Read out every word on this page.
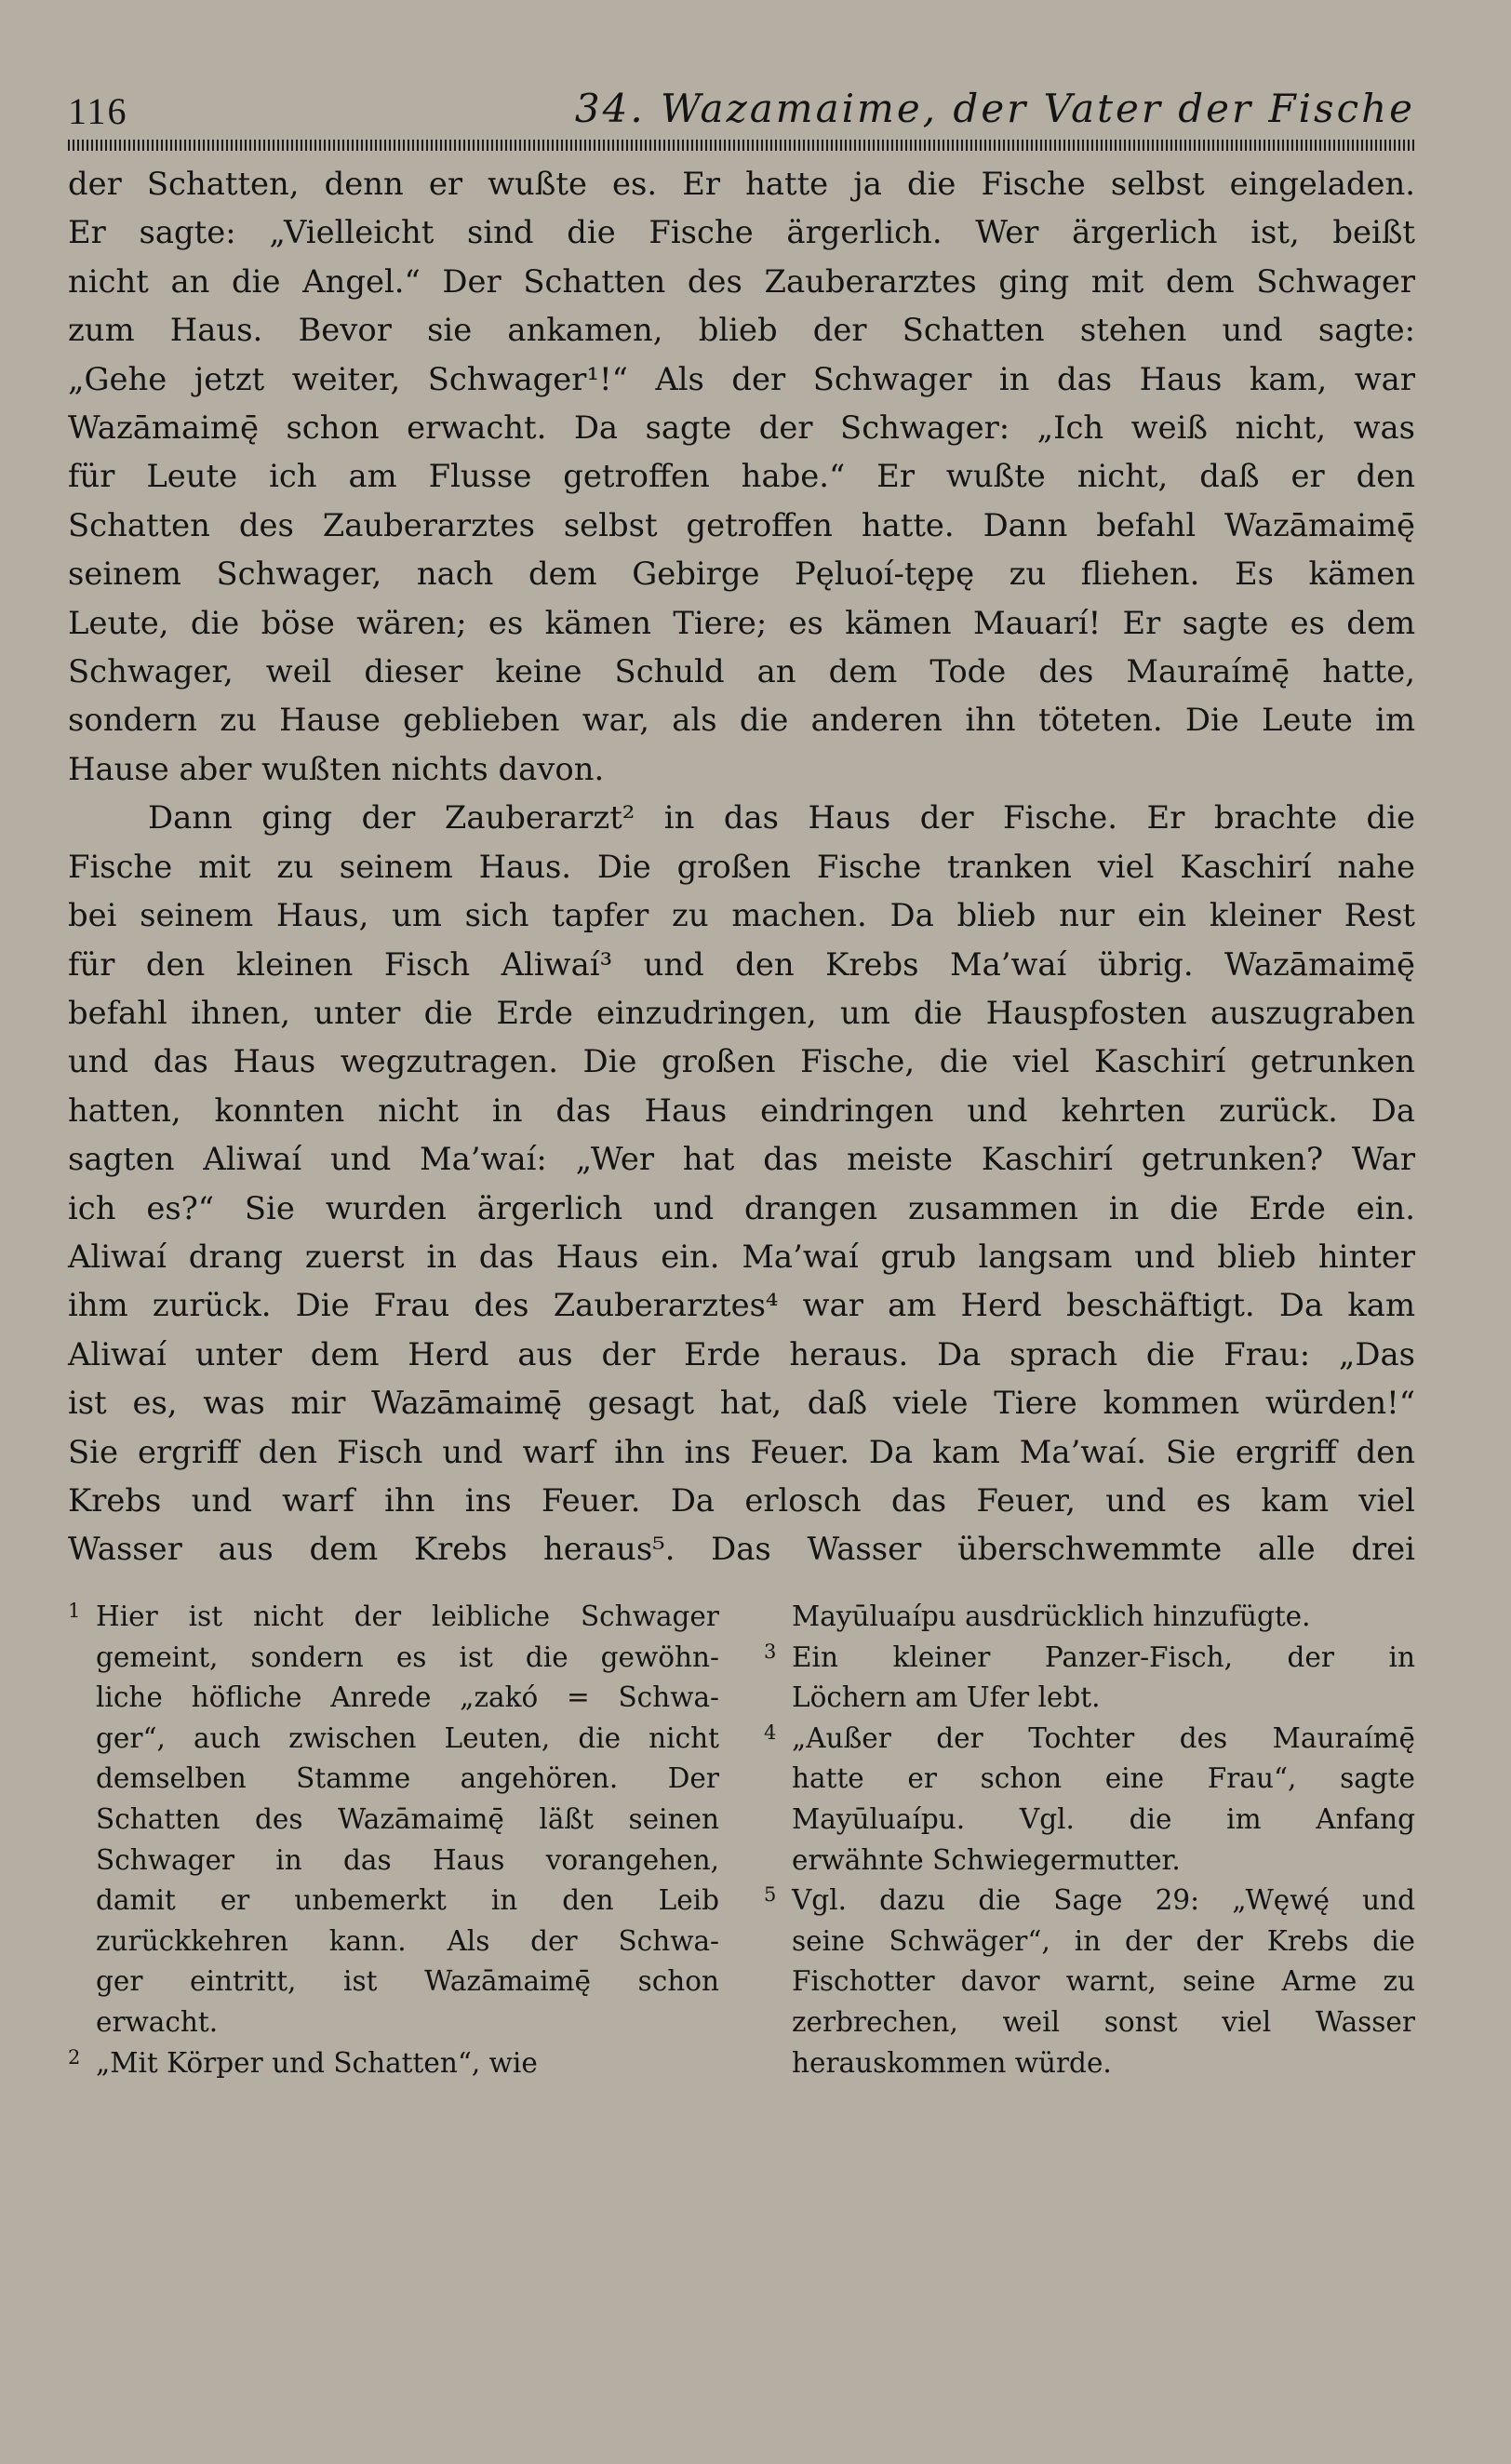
116	34. Wazamaime, der Vater der Fische

der Schatten, denn er wußte es. Er hatte ja die Fische selbst eingeladen.

Er sagte: „Vielleicht sind die Fische ärgerlich. Wer ärgerlich ist, beißt

nicht an die Angel.“ Der Schatten des Zauberarztes ging mit dem Schwager

zum Haus. Bevor sie ankamen, blieb der Schatten stehen und sagte:

„Gehe jetzt weiter, Schwager¹!“ Als der Schwager in das Haus kam, war

Wazāmaimę̄ schon erwacht. Da sagte der Schwager: „Ich weiß nicht, was

für Leute ich am Flusse getroffen habe.“ Er wußte nicht, daß er den

Schatten des Zauberarztes selbst getroffen hatte. Dann befahl Wazāmaimę̄

seinem Schwager, nach dem Gebirge Pęluoí-tępę zu fliehen. Es kämen

Leute, die böse wären; es kämen Tiere; es kämen Mauarí! Er sagte es dem

Schwager, weil dieser keine Schuld an dem Tode des Mauraímę̄ hatte,

sondern zu Hause geblieben war, als die anderen ihn töteten. Die Leute im

Hause aber wußten nichts davon.

Dann ging der Zauberarzt² in das Haus der Fische. Er brachte die

Fische mit zu seinem Haus. Die großen Fische tranken viel Kaschirí nahe

bei seinem Haus, um sich tapfer zu machen. Da blieb nur ein kleiner Rest

für den kleinen Fisch Aliwaí³ und den Krebs Ma’waí übrig. Wazāmaimę̄

befahl ihnen, unter die Erde einzudringen, um die Hauspfosten auszugraben

und das Haus wegzutragen. Die großen Fische, die viel Kaschirí getrunken

hatten, konnten nicht in das Haus eindringen und kehrten zurück. Da

sagten Aliwaí und Ma’waí: „Wer hat das meiste Kaschirí getrunken? War

ich es?“ Sie wurden ärgerlich und drangen zusammen in die Erde ein.

Aliwaí drang zuerst in das Haus ein. Ma’waí grub langsam und blieb hinter

ihm zurück. Die Frau des Zauberarztes⁴ war am Herd beschäftigt. Da kam

Aliwaí unter dem Herd aus der Erde heraus. Da sprach die Frau: „Das

ist es, was mir Wazāmaimę̄ gesagt hat, daß viele Tiere kommen würden!“

Sie ergriff den Fisch und warf ihn ins Feuer. Da kam Ma’waí. Sie ergriff den

Krebs und warf ihn ins Feuer. Da erlosch das Feuer, und es kam viel

Wasser aus dem Krebs heraus⁵. Das Wasser überschwemmte alle drei

1 Hier ist nicht der leibliche Schwager
gemeint, sondern es ist die gewöhn-
liche höfliche Anrede „zakó = Schwa-
ger“, auch zwischen Leuten, die nicht
demselben Stamme angehören. Der
Schatten des Wazāmaimę̄ läßt seinen
Schwager in das Haus vorangehen,
damit er unbemerkt in den Leib
zurückkehren kann. Als der Schwa-
ger eintritt, ist Wazāmaimę̄ schon
erwacht.
2 „Mit Körper und Schatten“, wie
Mayūluaípu ausdrücklich hinzufügte.
3 Ein kleiner Panzer-Fisch, der in
Löchern am Ufer lebt.
4 „Außer der Tochter des Mauraímę̄
hatte er schon eine Frau“, sagte
Mayūluaípu. Vgl. die im Anfang
erwähnte Schwiegermutter.
5 Vgl. dazu die Sage 29: „Węwę́ und
seine Schwäger“, in der der Krebs die
Fischotter davor warnt, seine Arme zu
zerbrechen, weil sonst viel Wasser
herauskommen würde.
